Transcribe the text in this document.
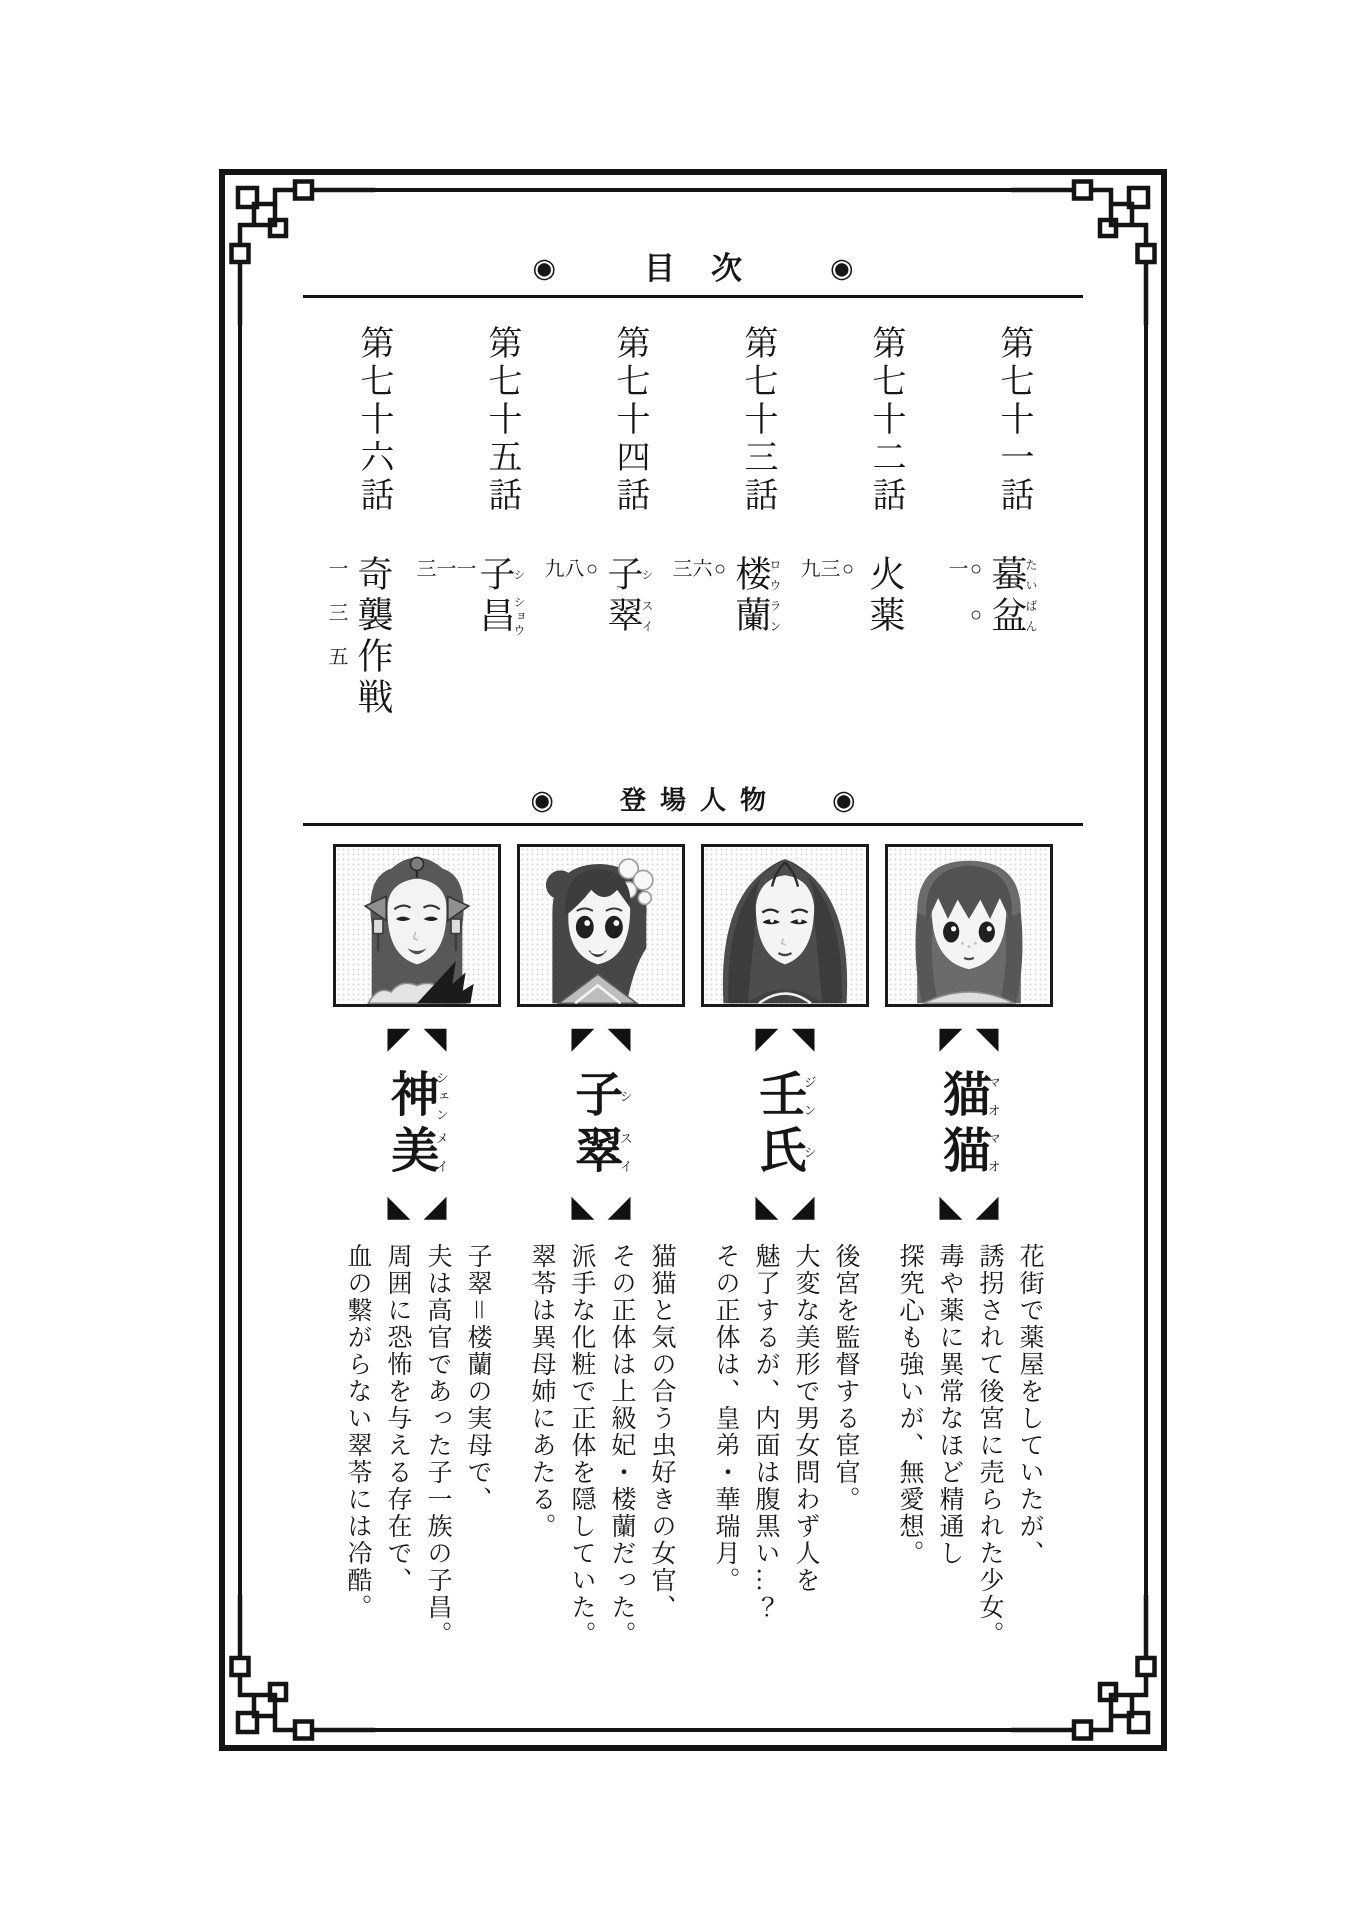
◉	目次 ◉
第七十一話
蟇たい盆ばん
○○一
第七十二話
火薬
○三九
第七十三話
楼ロウ蘭ラン
○六三
第七十四話
子シ翠スイ
○八九
第七十五話
子シ昌ショウ
一一三
第七十六話
奇襲作戦
一三五
◉	登場人物 ◉
◤ ◥
猫マオ猫マオ
◣ ◢
花街で薬屋をしていたが、
誘拐されて後宮に売られた少女。
毒や薬に異常なほど精通し
探究心も強いが、無愛想。
◤ ◥
壬ジン氏シ
◣ ◢
後宮を監督する宦官。
大変な美形で男女問わず人を
魅了するが、内面は腹黒い…？
その正体は、皇弟・華瑞月。
◤ ◥
子シ翠スイ
◣ ◢
猫猫と気の合う虫好きの女官、
その正体は上級妃・楼蘭だった。
派手な化粧で正体を隠していた。
翠苓は異母姉にあたる。
◤ ◥
神シェン美メイ
◣ ◢
子翠＝楼蘭の実母で、
夫は高官であった子一族の子昌。
周囲に恐怖を与える存在で、
血の繋がらない翠苓には冷酷。
